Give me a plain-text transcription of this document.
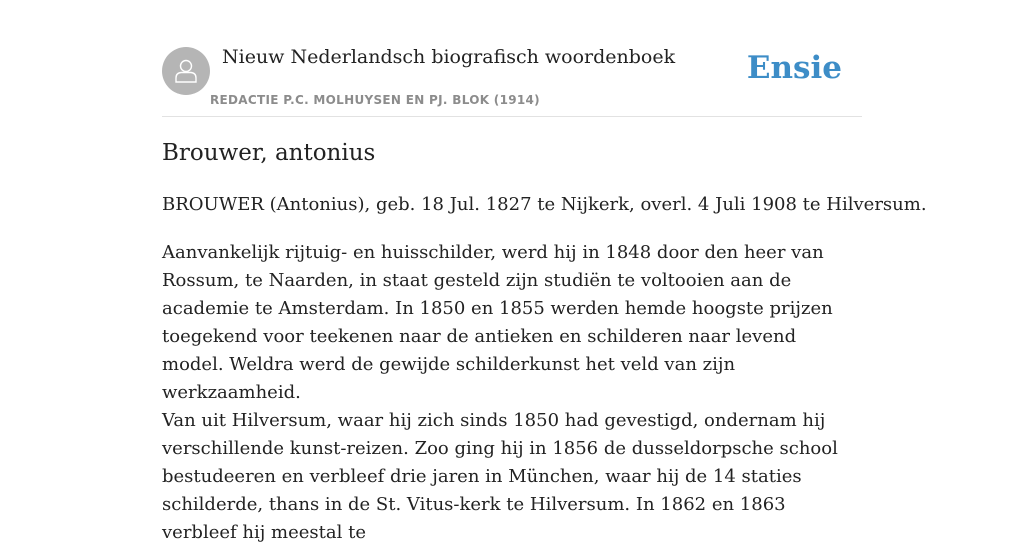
Nieuw Nederlandsch biografisch woordenboek
REDACTIE P.C. MOLHUYSEN EN PJ. BLOK (1914)
Ensie
Brouwer, antonius

BROUWER (Antonius), geb. 18 Jul. 1827 te Nijkerk, overl. 4 Juli 1908 te Hilversum.

Aanvankelijk rijtuig- en huisschilder, werd hij in 1848 door den heer van Rossum, te Naarden, in staat gesteld zijn studiën te voltooien aan de academie te Amsterdam. In 1850 en 1855 werden hemde hoogste prijzen toegekend voor teekenen naar de antieken en schilderen naar levend model. Weldra werd de gewijde schilderkunst het veld van zijn werkzaamheid.

Van uit Hilversum, waar hij zich sinds 1850 had gevestigd, ondernam hij verschillende kunst-reizen. Zoo ging hij in 1856 de dusseldorpsche school bestudeeren en verbleef drie jaren in München, waar hij de 14 staties schilderde, thans in de St. Vitus-kerk te Hilversum. In 1862 en 1863 verbleef hij meestal te
